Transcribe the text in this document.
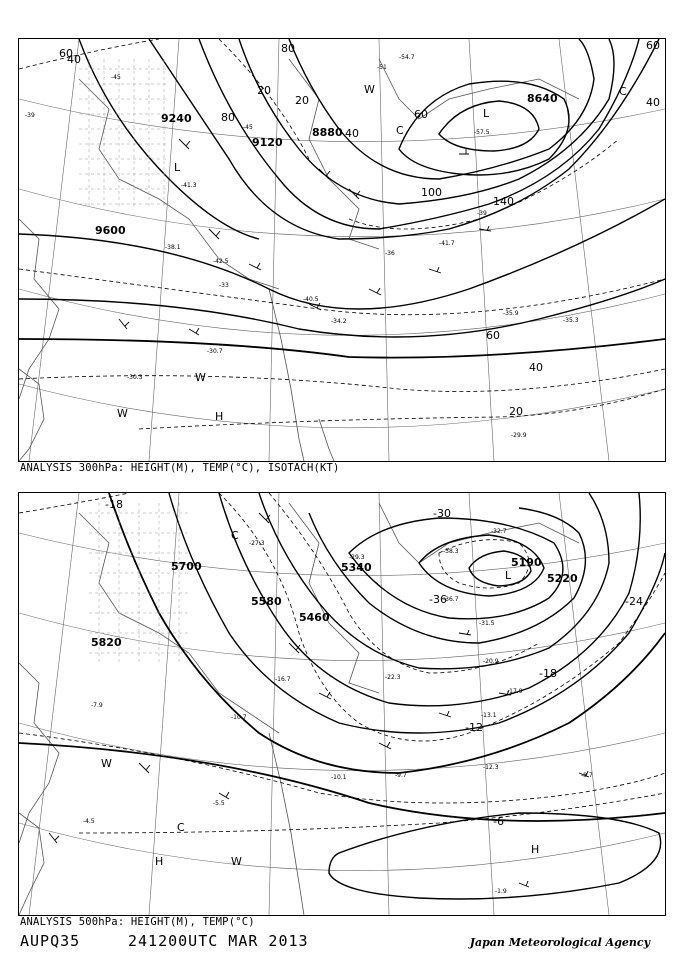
9240
9120
8880
8640
9600
40
60	80
20
80
20
40
60
100
140
40
60
40
60
20
-39
-45
-51
-54.7
-57.5
-45
-41.7
-38.1
-42.5
-34.2
-30.7
-35.9
-35.3
-29.9
-33
-30.3
-36
-39
-41.3
-40.5
L
C
W
W
H
W
L
C
ANALYSIS 300hPa: HEIGHT(M), TEMP(°C), ISOTACH(KT)
5700
5580
5340	5190
5220
5460
5820
-18
-30
-36	-24
-18
-12
-6
-38.3
-36.7
-31.5
-22.3
-20.9
-17.9
-13.1
-12.3
-10.1	-9.7	-8.7
-5.5
-4.5
-1.9
-27.3
-29.3
-32.7
-16.7
-10.7
-7.9
L
C
C
W
W
H
H
ANALYSIS 500hPa: HEIGHT(M), TEMP(°C)
AUPQ35	241200UTC MAR 2013	Japan Meteorological Agency
